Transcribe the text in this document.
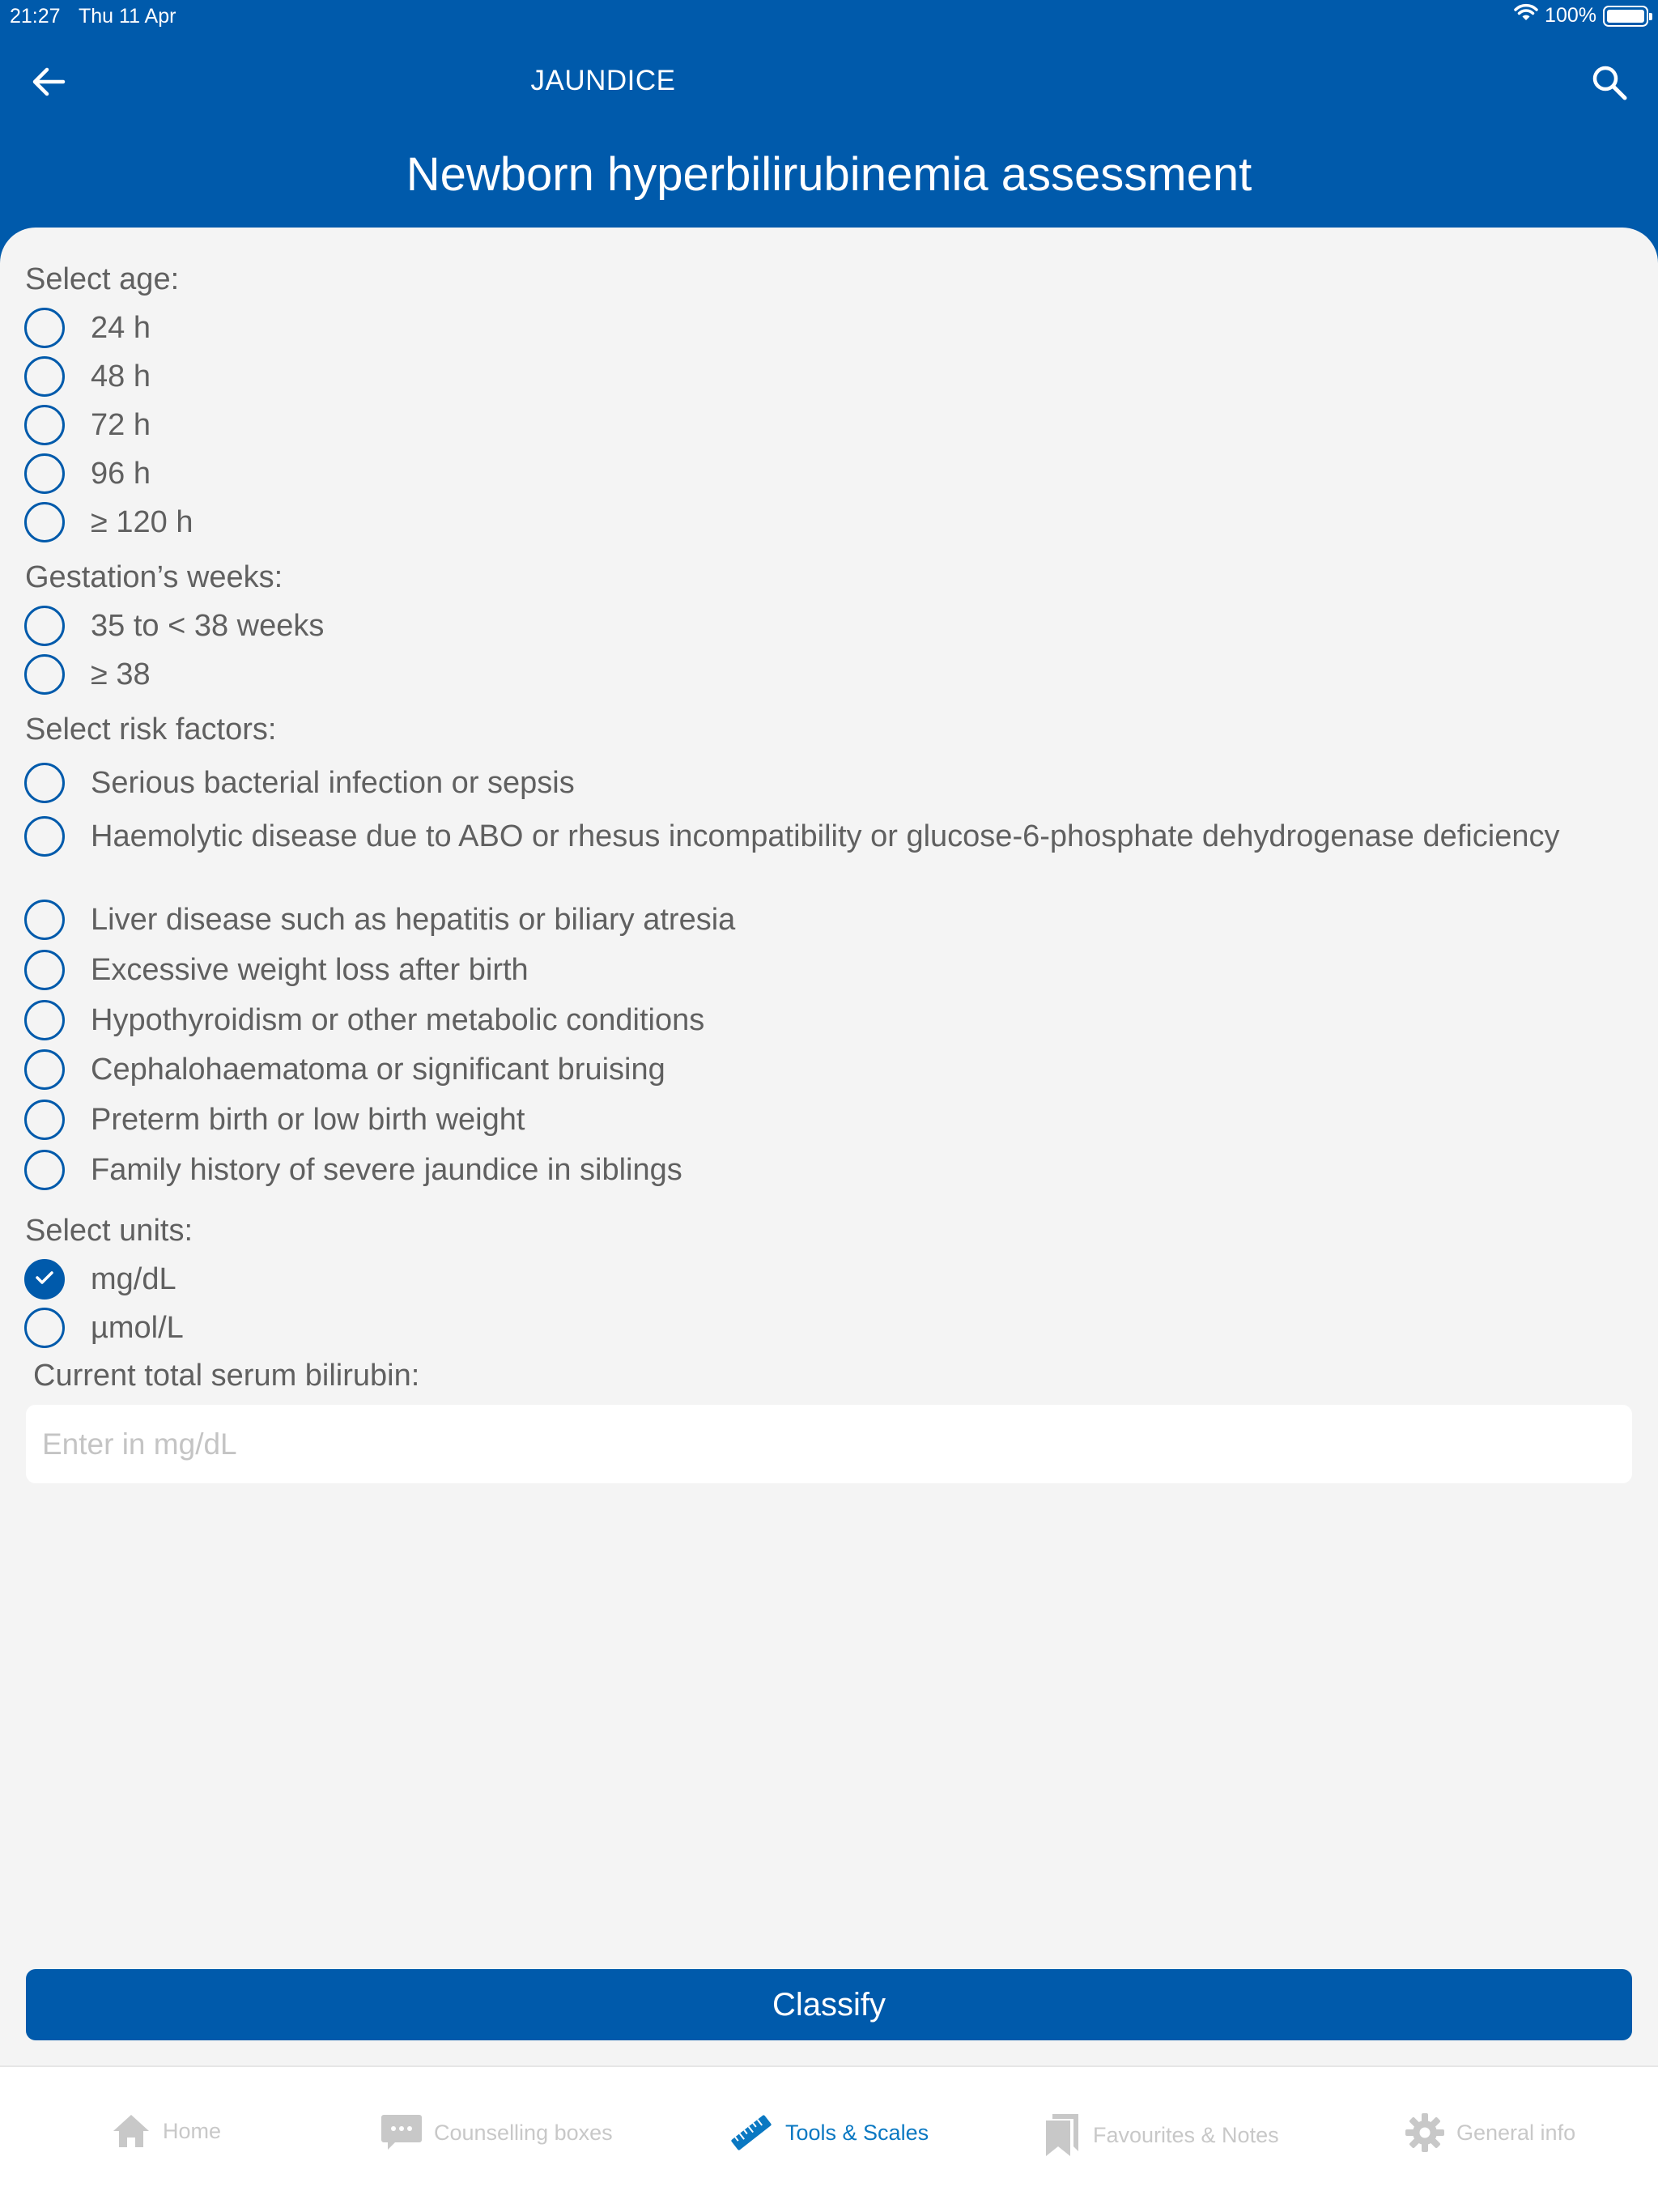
21:27 Thu 11 Apr	100%
JAUNDICE
Newborn hyperbilirubinemia assessment
Select age:
24 h
48 h
72 h
96 h
≥ 120 h
Gestation’s weeks:
35 to < 38 weeks
≥ 38
Select risk factors:
Serious bacterial infection or sepsis
Haemolytic disease due to ABO or rhesus incompatibility or glucose-6-phosphate dehydrogenase deficiency
Liver disease such as hepatitis or biliary atresia
Excessive weight loss after birth
Hypothyroidism or other metabolic conditions
Cephalohaematoma or significant bruising
Preterm birth or low birth weight
Family history of severe jaundice in siblings
Select units:
mg/dL
µmol/L
Current total serum bilirubin:
Enter in mg/dL
Classify
Home	Counselling boxes	Tools & Scales	Favourites & Notes	General info
